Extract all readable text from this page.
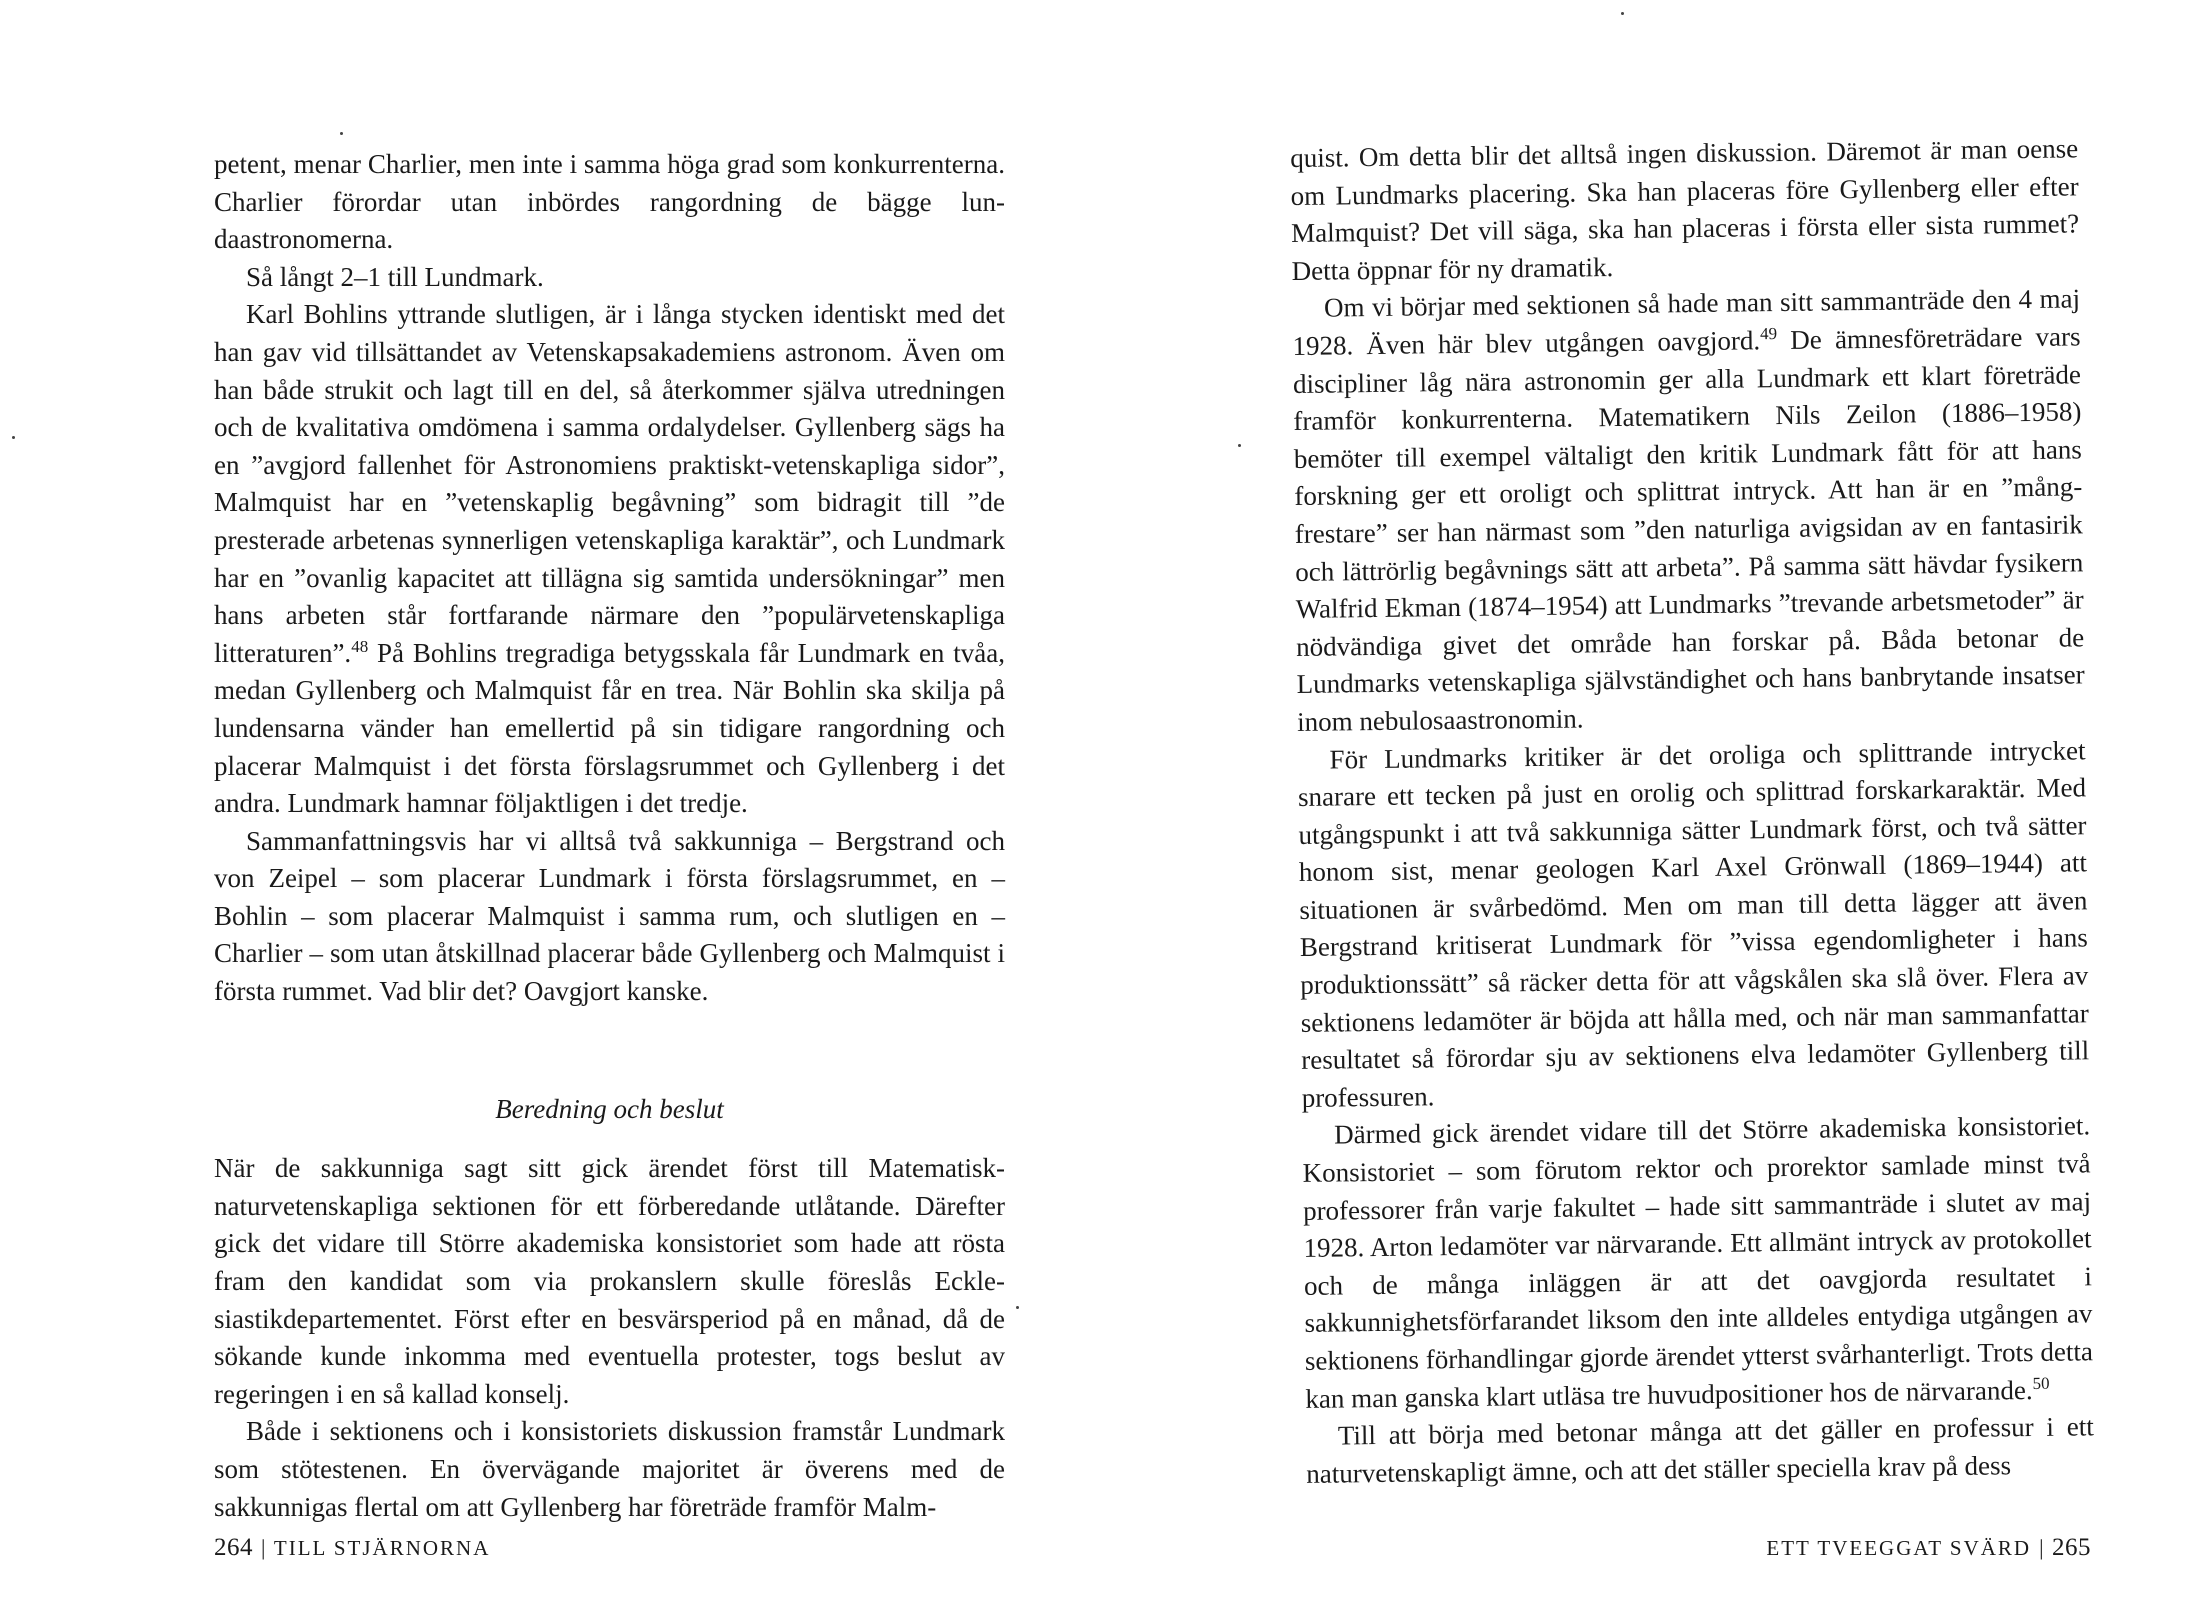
petent, menar Charlier, men inte i samma höga grad som konkurrenterna. Charlier förordar utan inbördes rangordning de bägge lundaastronomerna.

Så långt 2–1 till Lundmark.

Karl Bohlins yttrande slutligen, är i långa stycken identiskt med det han gav vid tillsättandet av Vetenskapsakademiens astronom. Även om han både strukit och lagt till en del, så återkommer själva utredningen och de kvalitativa omdömena i samma ordalydelser. Gyllenberg sägs ha en ”avgjord fallenhet för Astronomiens praktiskt-vetenskapliga sidor”, Malmquist har en ”vetenskaplig begåvning” som bidragit till ”de presterade arbetenas synnerligen vetenskapliga karaktär”, och Lundmark har en ”ovanlig kapacitet att tillägna sig samtida undersökningar” men hans arbeten står fortfarande närmare den ”populärvetenskapliga litteraturen”.$^{48}$ På Bohlins tregradiga betygsskala får Lundmark en tvåa, medan Gyllenberg och Malmquist får en trea. När Bohlin ska skilja på lundensarna vänder han emellertid på sin tidigare rangordning och placerar Malmquist i det första förslagsrummet och Gyllenberg i det andra. Lundmark hamnar följaktligen i det tredje.

Sammanfattningsvis har vi alltså två sakkunniga – Bergstrand och von Zeipel – som placerar Lundmark i första förslagsrummet, en – Bohlin – som placerar Malmquist i samma rum, och slutligen en – Charlier – som utan åtskillnad placerar både Gyllenberg och Malmquist i första rummet. Vad blir det? Oavgjort kanske.

Beredning och beslut

När de sakkunniga sagt sitt gick ärendet först till Matematisk-naturvetenskapliga sektionen för ett förberedande utlåtande. Därefter gick det vidare till Större akademiska konsistoriet som hade att rösta fram den kandidat som via prokanslern skulle föreslås Ecklesiastikdepartementet. Först efter en besvärsperiod på en månad, då de sökande kunde inkomma med eventuella protester, togs beslut av regeringen i en så kallad konselj.

Både i sektionens och i konsistoriets diskussion framstår Lundmark som stötestenen. En övervägande majoritet är överens med de sakkunnigas flertal om att Gyllenberg har företräde framför Malm-

264 | TILL STJÄRNORNA

quist. Om detta blir det alltså ingen diskussion. Däremot är man oense om Lundmarks placering. Ska han placeras före Gyllenberg eller efter Malmquist? Det vill säga, ska han placeras i första eller sista rummet? Detta öppnar för ny dramatik.

Om vi börjar med sektionen så hade man sitt sammanträde den 4 maj 1928. Även här blev utgången oavgjord.$^{49}$ De ämnesföreträdare vars discipliner låg nära astronomin ger alla Lundmark ett klart företräde framför konkurrenterna. Matematikern Nils Zeilon (1886–1958) bemöter till exempel vältaligt den kritik Lundmark fått för att hans forskning ger ett oroligt och splittrat intryck. Att han är en ”mångfrestare” ser han närmast som ”den naturliga avigsidan av en fantasirik och lättrörlig begåvnings sätt att arbeta”. På samma sätt hävdar fysikern Walfrid Ekman (1874–1954) att Lundmarks ”trevande arbetsmetoder” är nödvändiga givet det område han forskar på. Båda betonar de Lundmarks vetenskapliga självständighet och hans banbrytande insatser inom nebulosaastronomin.

För Lundmarks kritiker är det oroliga och splittrande intrycket snarare ett tecken på just en orolig och splittrad forskarkaraktär. Med utgångspunkt i att två sakkunniga sätter Lundmark först, och två sätter honom sist, menar geologen Karl Axel Grönwall (1869–1944) att situationen är svårbedömd. Men om man till detta lägger att även Bergstrand kritiserat Lundmark för ”vissa egendomligheter i hans produktionssätt” så räcker detta för att vågskålen ska slå över. Flera av sektionens ledamöter är böjda att hålla med, och när man sammanfattar resultatet så förordar sju av sektionens elva ledamöter Gyllenberg till professuren.

Därmed gick ärendet vidare till det Större akademiska konsistoriet. Konsistoriet – som förutom rektor och prorektor samlade minst två professorer från varje fakultet – hade sitt sammanträde i slutet av maj 1928. Arton ledamöter var närvarande. Ett allmänt intryck av protokollet och de många inläggen är att det oavgjorda resultatet i sakkunnighetsförfarandet liksom den inte alldeles entydiga utgången av sektionens förhandlingar gjorde ärendet ytterst svårhanterligt. Trots detta kan man ganska klart utläsa tre huvudpositioner hos de närvarande.$^{50}$

Till att börja med betonar många att det gäller en professur i ett naturvetenskapligt ämne, och att det ställer speciella krav på dess

ETT TVEEGGAT SVÄRD | 265
